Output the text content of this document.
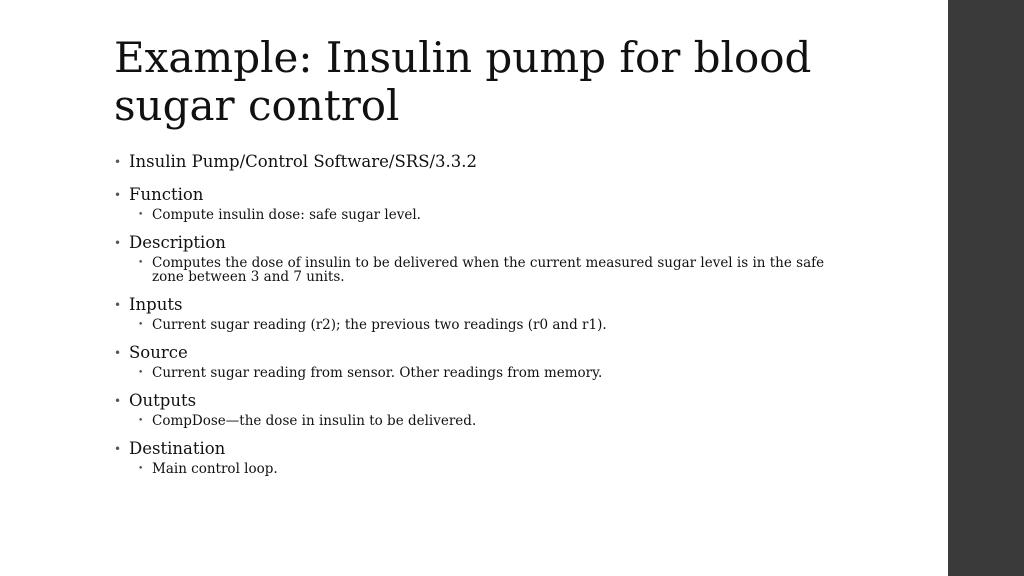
Example: Insulin pump for blood sugar control
• Insulin Pump/Control Software/SRS/3.3.2
• Function
• Compute insulin dose: safe sugar level.
• Description
• Computes the dose of insulin to be delivered when the current measured sugar level is in the safe zone between 3 and 7 units.
• Inputs
• Current sugar reading (r2); the previous two readings (r0 and r1).
• Source
• Current sugar reading from sensor. Other readings from memory.
• Outputs
• CompDose—the dose in insulin to be delivered.
• Destination
• Main control loop.
